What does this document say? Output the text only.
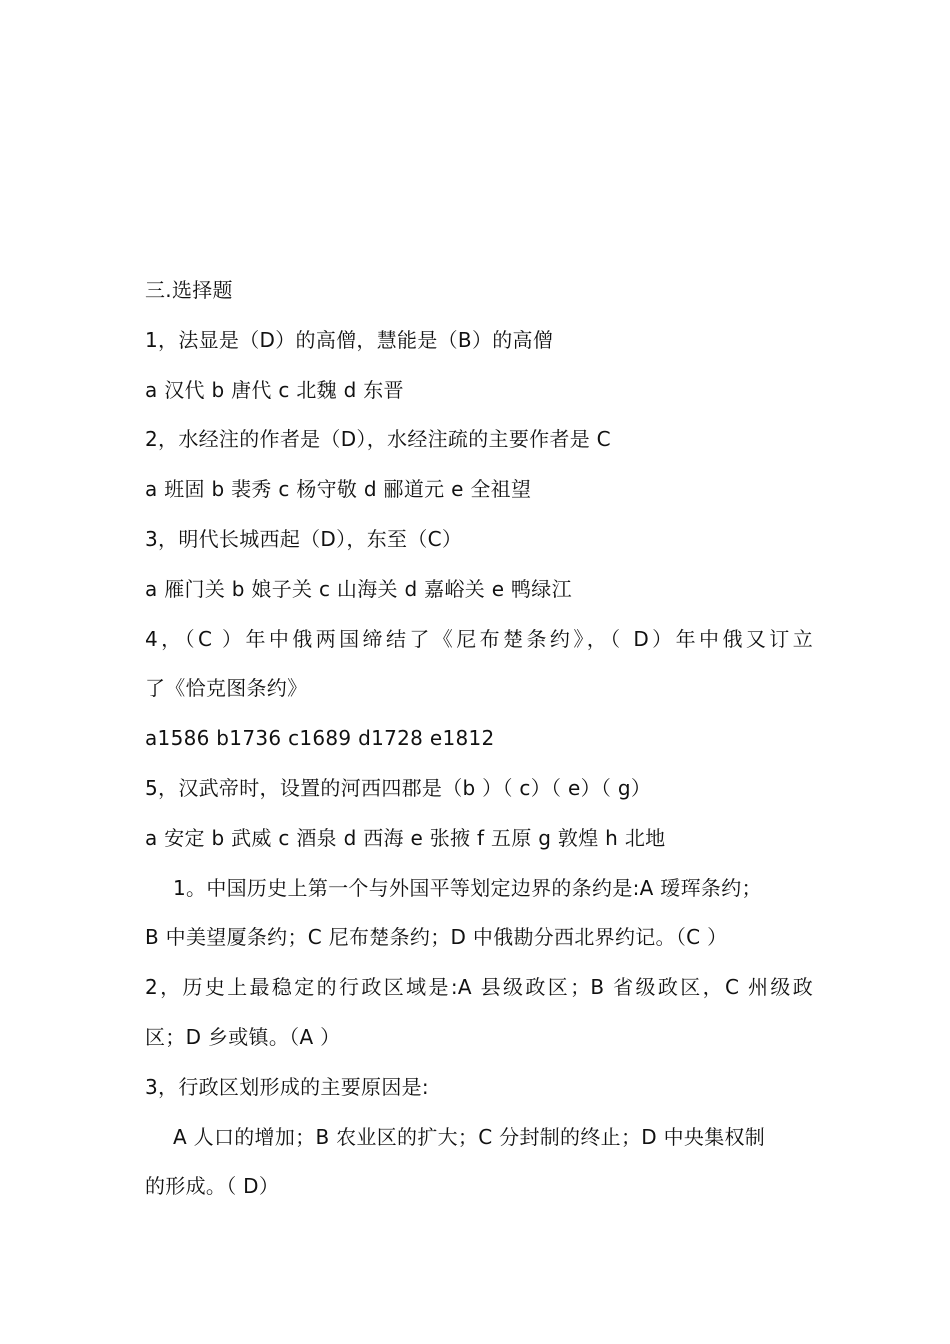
三.选择题
1，法显是（D）的高僧，慧能是（B）的高僧
a 汉代 b 唐代 c 北魏 d 东晋
2，水经注的作者是（D），水经注疏的主要作者是 C
a 班固 b 裴秀 c 杨守敬 d 郦道元 e 全祖望
3，明代长城西起（D），东至（C）
a 雁门关 b 娘子关 c 山海关 d 嘉峪关 e 鸭绿江
4，（C ）年中俄两国缔结了《尼布楚条约》，（ D）年中俄又订立
了《恰克图条约》
a1586 b1736 c1689 d1728 e1812
5，汉武帝时，设置的河西四郡是（b ）（ c）（ e）（ g）
a 安定 b 武威 c 酒泉 d 西海 e 张掖 f 五原 g 敦煌 h 北地
1。中国历史上第一个与外国平等划定边界的条约是:A 瑷珲条约；
B 中美望厦条约；C 尼布楚条约；D 中俄勘分西北界约记。（C ）
2，历史上最稳定的行政区域是:A 县级政区；B 省级政区，C 州级政
区；D 乡或镇。（A ）
3，行政区划形成的主要原因是:
A 人口的增加；B 农业区的扩大；C 分封制的终止；D 中央集权制
的形成。（ D）
